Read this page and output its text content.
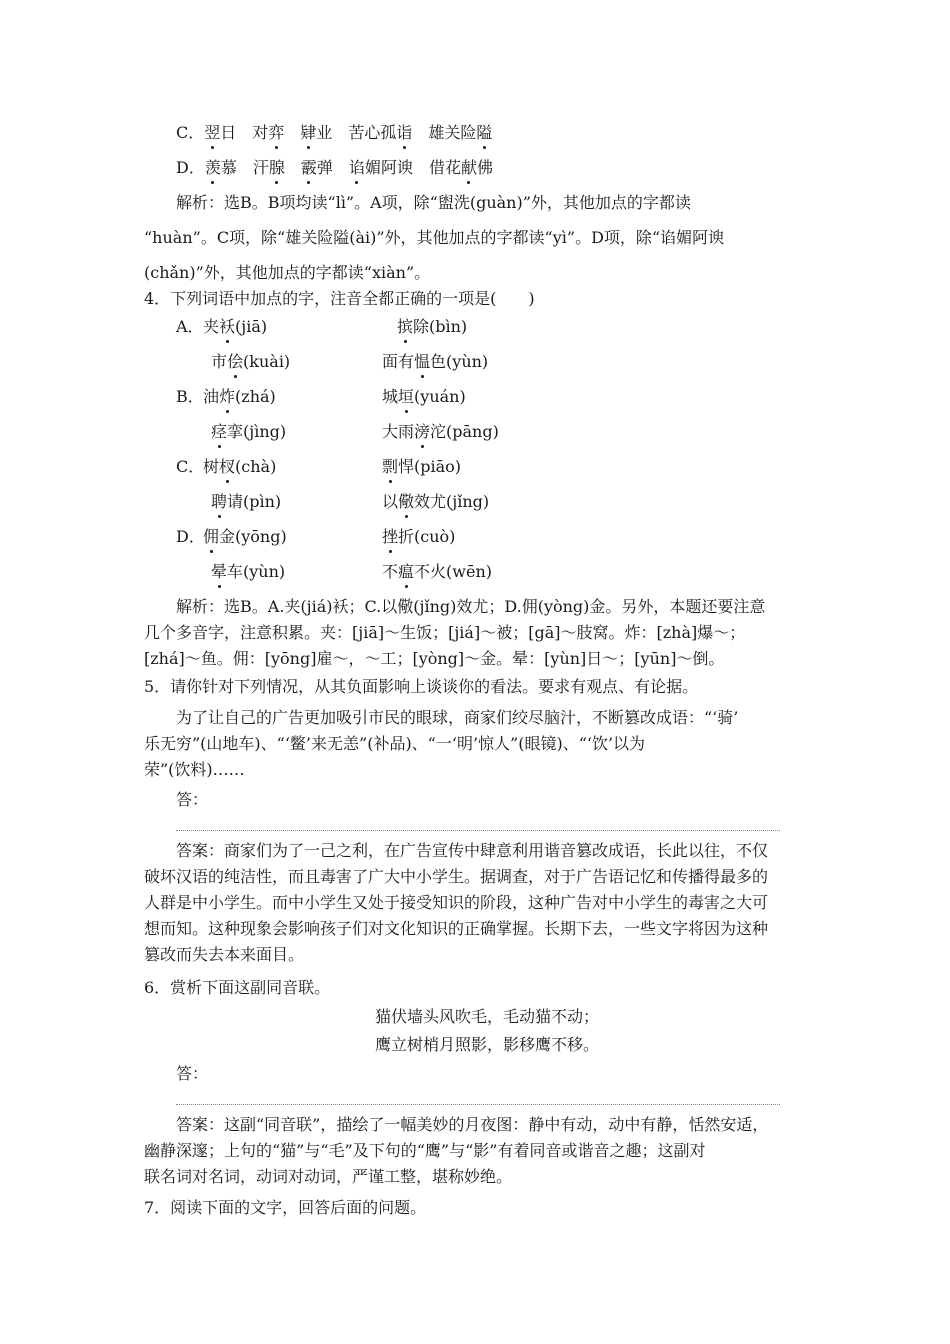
C．翌日 对弈 肄业 苦心孤诣 雄关险隘
D．羡慕 汗腺 霰弹 谄媚阿谀 借花献佛
解析：选B。B项均读“lì”。A项，除“盥洗(guàn)”外，其他加点的字都读
“huàn”。C项，除“雄关险隘(ài)”外，其他加点的字都读“yì”。D项，除“谄媚阿谀
(chǎn)”外，其他加点的字都读“xiàn”。
4．下列词语中加点的字，注音全都正确的一项是(　　)
A． 夹袄(jiā)	摈除(bìn)
市侩(kuài)	面有愠色(yùn)
B． 油炸(zhá)	城垣(yuán)
痉挛(jìng)	大雨滂沱(pāng)
C．
树杈(chà)	剽悍(piāo)
聘请(pìn)	以儆效尤(jǐng)
D．
佣金(yōng)	挫折(cuò)
晕车(yùn)	不瘟不火(wēn)
解析：选B。A.夹(jiá)袄；C.以儆(jǐng)效尤；D.佣(yòng)金。另外，本题还要注意
几个多音字，注意积累。夹：[jiā]～生饭；[jiá]～被；[gā]～肢窝。炸：[zhà]爆～；
[zhá]～鱼。佣：[yōng]雇～，～工；[yòng]～金。晕：[yùn]日～；[yūn]～倒。
5．请你针对下列情况，从其负面影响上谈谈你的看法。要求有观点、有论据。
为了让自己的广告更加吸引市民的眼球，商家们绞尽脑汁，不断篡改成语：“‘骑’
乐无穷”(山地车)、“‘鳖’来无恙”(补品)、“一‘明’惊人”(眼镜)、“‘饮’以为
荣”(饮料)……
答：
答案：商家们为了一己之利，在广告宣传中肆意利用谐音篡改成语，长此以往，不仅
破坏汉语的纯洁性，而且毒害了广大中小学生。据调查，对于广告语记忆和传播得最多的
人群是中小学生。而中小学生又处于接受知识的阶段，这种广告对中小学生的毒害之大可
想而知。这种现象会影响孩子们对文化知识的正确掌握。长期下去，一些文字将因为这种
篡改而失去本来面目。
6．赏析下面这副同音联。
猫伏墙头风吹毛，毛动猫不动；
鹰立树梢月照影，影移鹰不移。
答：
答案：这副“同音联”，描绘了一幅美妙的月夜图：静中有动，动中有静，恬然安适，
幽静深邃；上句的“猫”与“毛”及下句的“鹰”与“影”有着同音或谐音之趣；这副对
联名词对名词，动词对动词，严谨工整，堪称妙绝。
7．阅读下面的文字，回答后面的问题。
